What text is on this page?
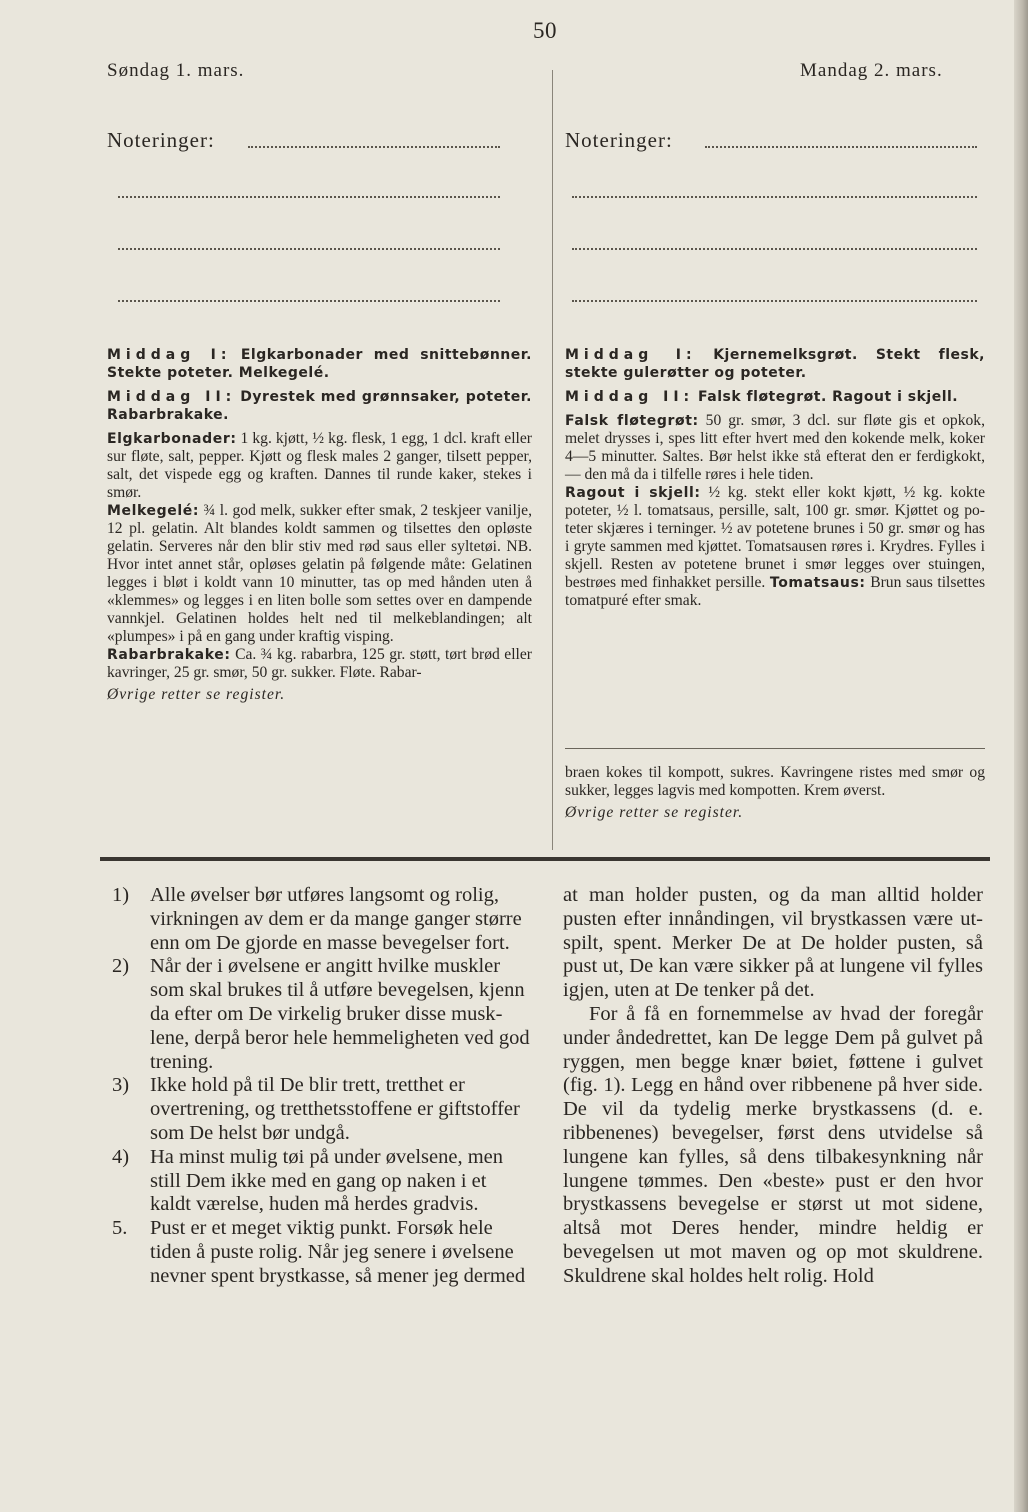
50
Søndag 1. mars.	Mandag 2. mars.
Noteringer:	Noteringer:

Middag I: Elgkarbonader med snittebønner. Stekte poteter. Melkegelé.

Middag II: Dyrestek med grønnsaker, poteter. Rabarbrakake.

Elgkarbonader: 1 kg. kjøtt, ½ kg. flesk, 1 egg, 1 dcl. kraft eller sur fløte, salt, pepper. Kjøtt og flesk males 2 ganger, tilsett pepper, salt, det vispede egg og kraften. Dannes til runde kaker, stekes i smør.

Melkegelé: ¾ l. god melk, sukker efter smak, 2 teskjeer vanilje, 12 pl. gelatin. Alt blandes koldt sammen og tilsettes den opløste gelatin. Serveres når den blir stiv med rød saus eller syltetøi. NB. Hvor intet annet står, opløses gelatin på følgende måte: Gelatinen legges i bløt i koldt vann 10 minutter, tas op med hånden uten å «klemmes» og legges i en liten bolle som settes over en dampende vannkjel. Gelatinen holdes helt ned til melkeblandingen; alt «plumpes» i på en gang under kraftig visping.

Rabarbrakake: Ca. ¾ kg. rabarbra, 125 gr. støtt, tørt brød eller kavringer, 25 gr. smør, 50 gr. sukker. Fløte. Rabar-

Øvrige retter se register.

Middag I: Kjernemelksgrøt. Stekt flesk, stekte gulerøtter og poteter.

Middag II: Falsk fløtegrøt. Ragout i skjell.

Falsk fløtegrøt: 50 gr. smør, 3 dcl. sur fløte gis et opkok, melet drysses i, spes litt efter hvert med den kokende melk, koker 4—5 minutter. Saltes. Bør helst ikke stå efterat den er ferdigkokt, — den må da i tilfelle røres i hele tiden.

Ragout i skjell: ½ kg. stekt eller kokt kjøtt, ½ kg. kokte poteter, ½ l. tomatsaus, persille, salt, 100 gr. smør. Kjøttet og poteter skjæres i terninger. ½ av potetene brunes i 50 gr. smør og has i gryte sammen med kjøttet. Tomatsausen røres i. Krydres. Fylles i skjell. Resten av potetene brunet i smør legges over stuingen, bestrøes med finhakket persille. Tomatsaus: Brun saus tilsettes tomatpuré efter smak.

braen kokes til kompott, sukres. Kavringene ristes med smør og sukker, legges lagvis med kompotten. Krem øverst.

Øvrige retter se register.

1)	Alle øvelser bør utføres langsomt og rolig, virkningen av dem er da mange ganger større enn om De gjorde en masse bevegelser fort.
2)	Når der i øvelsene er angitt hvilke muskler som skal brukes til å utføre bevegelsen, kjenn da efter om De virkelig bruker disse musklene, derpå beror hele hemmeligheten ved god trening.
3)	Ikke hold på til De blir trett, tretthet er overtrening, og tretthetsstoffene er giftstoffer som De helst bør undgå.
4)	Ha minst mulig tøi på under øvelsene, men still Dem ikke med en gang op naken i et kaldt værelse, huden må herdes gradvis.
5.	Pust er et meget viktig punkt. Forsøk hele tiden å puste rolig. Når jeg senere i øvelsene nevner spent brystkasse, så mener jeg dermed

at man holder pusten, og da man alltid holder pusten efter innåndingen, vil brystkassen være utspilt, spent. Merker De at De holder pusten, så pust ut, De kan være sikker på at lungene vil fylles igjen, uten at De tenker på det.

For å få en fornemmelse av hvad der foregår under åndedrettet, kan De legge Dem på gulvet på ryggen, men begge knær bøiet, føttene i gulvet (fig. 1). Legg en hånd over ribbenene på hver side. De vil da tydelig merke brystkassens (d. e. ribbenenes) bevegelser, først dens utvidelse så lungene kan fylles, så dens tilbakesynkning når lungene tømmes. Den «beste» pust er den hvor brystkassens bevegelse er størst ut mot sidene, altså mot Deres hender, mindre heldig er bevegelsen ut mot maven og op mot skuldrene. Skuldrene skal holdes helt rolig. Hold
